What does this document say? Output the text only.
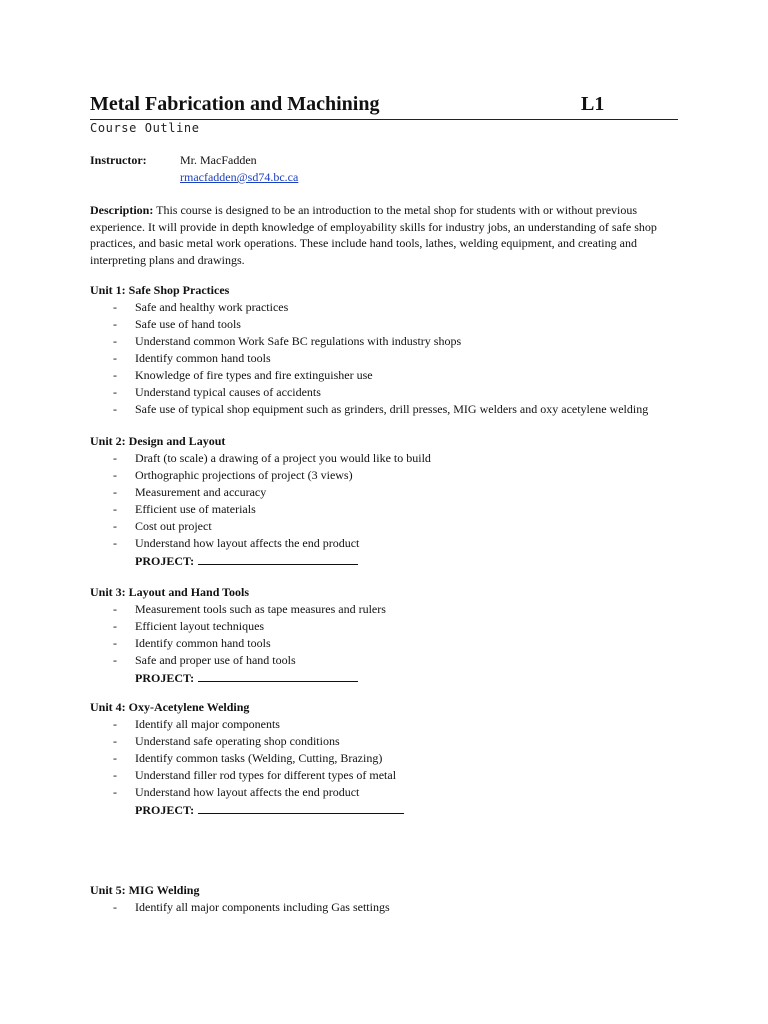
Metal Fabrication and Machining	L1
Course Outline
Instructor:	Mr. MacFadden
rmacfadden@sd74.bc.ca
Description: This course is designed to be an introduction to the metal shop for students with or without previous experience. It will provide in depth knowledge of employability skills for industry jobs, an understanding of safe shop practices, and basic metal work operations. These include hand tools, lathes, welding equipment, and creating and interpreting plans and drawings.
Unit 1: Safe Shop Practices
- Safe and healthy work practices
- Safe use of hand tools
- Understand common Work Safe BC regulations with industry shops
- Identify common hand tools
- Knowledge of fire types and fire extinguisher use
- Understand typical causes of accidents
- Safe use of typical shop equipment such as grinders, drill presses, MIG welders and oxy acetylene welding
Unit 2: Design and Layout
- Draft (to scale) a drawing of a project you would like to build
- Orthographic projections of project (3 views)
- Measurement and accuracy
- Efficient use of materials
- Cost out project
- Understand how layout affects the end product
PROJECT:
Unit 3: Layout and Hand Tools
- Measurement tools such as tape measures and rulers
- Efficient layout techniques
- Identify common hand tools
- Safe and proper use of hand tools
PROJECT:
Unit 4: Oxy-Acetylene Welding
- Identify all major components
- Understand safe operating shop conditions
- Identify common tasks (Welding, Cutting, Brazing)
- Understand filler rod types for different types of metal
- Understand how layout affects the end product
PROJECT:
Unit 5: MIG Welding
- Identify all major components including Gas settings
